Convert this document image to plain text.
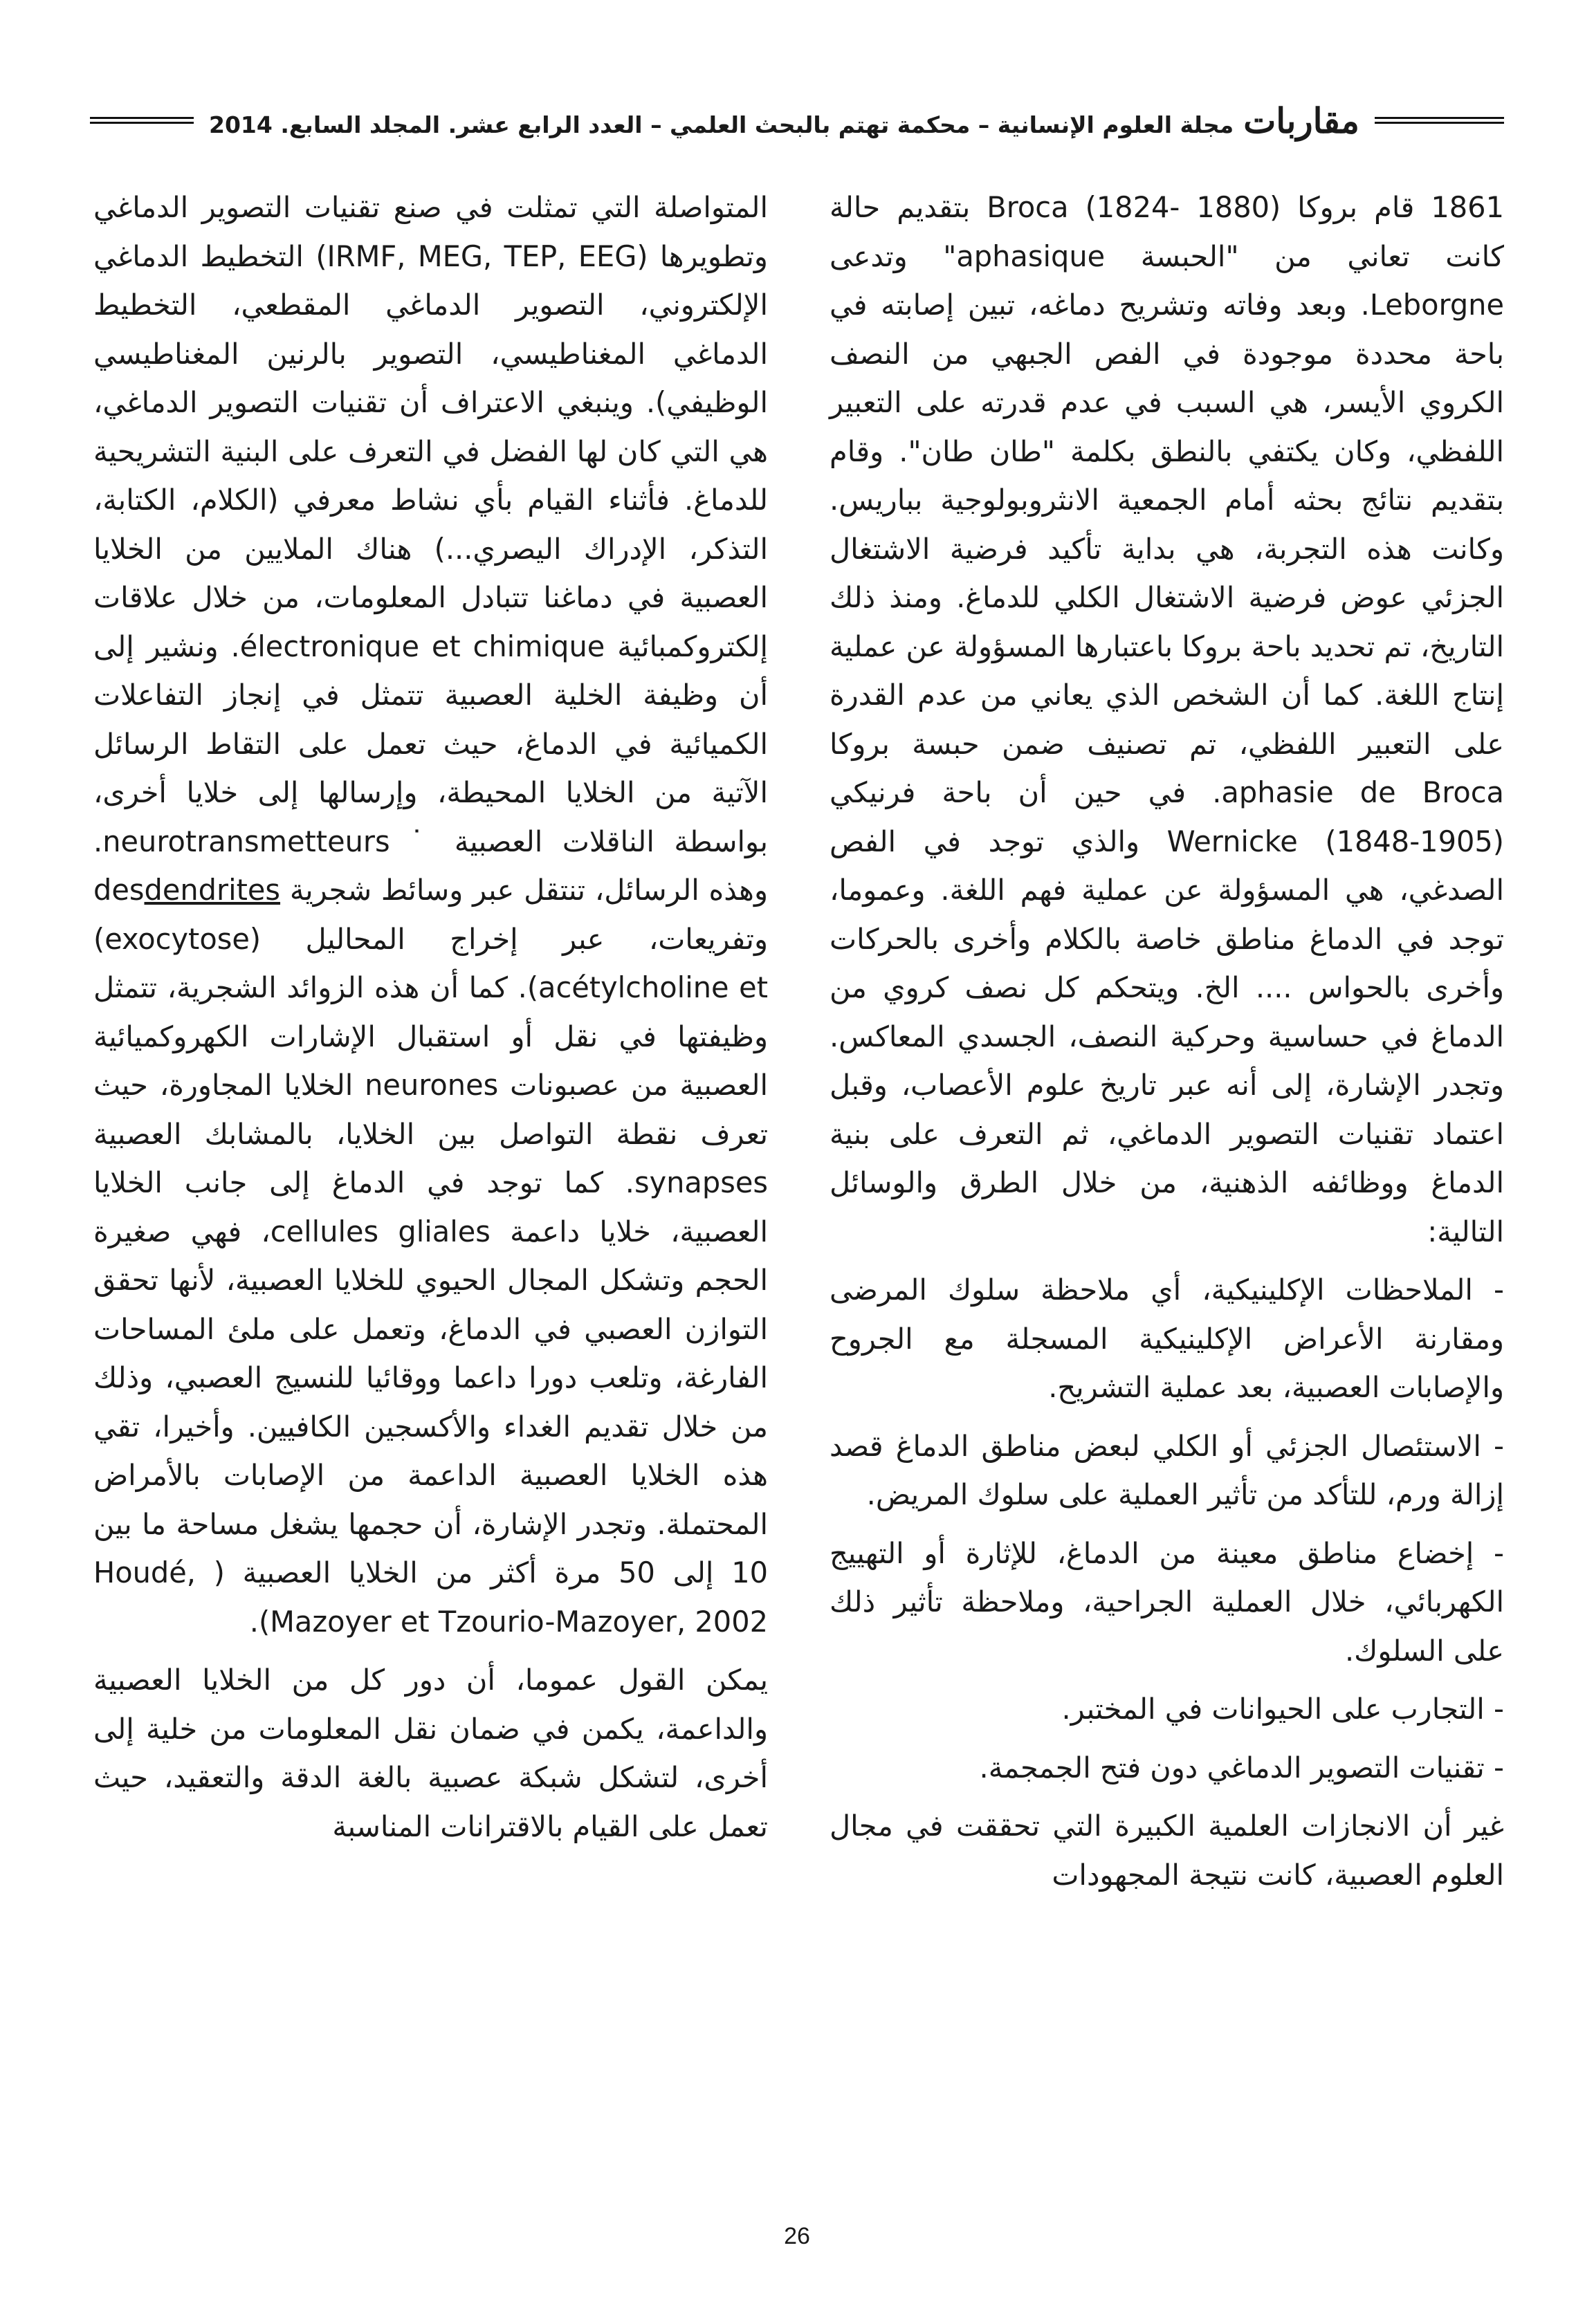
مقاربات
مجلة العلوم الإنسانية – محكمة تهتم بالبحث العلمي – العدد الرابع عشر. المجلد السابع. 2014

1861 قام بروكا Broca (1824- 1880) بتقديم حالة كانت تعاني من "الحبسة aphasique" وتدعى Leborgne. وبعد وفاته وتشريح دماغه، تبين إصابته في باحة محددة موجودة في الفص الجبهي من النصف الكروي الأيسر، هي السبب في عدم قدرته على التعبير اللفظي، وكان يكتفي بالنطق بكلمة "طان طان". وقام بتقديم نتائج بحثه أمام الجمعية الانثروبولوجية بباريس. وكانت هذه التجربة، هي بداية تأكيد فرضية الاشتغال الجزئي عوض فرضية الاشتغال الكلي للدماغ. ومنذ ذلك التاريخ، تم تحديد باحة بروكا باعتبارها المسؤولة عن عملية إنتاج اللغة. كما أن الشخص الذي يعاني من عدم القدرة على التعبير اللفظي، تم تصنيف ضمن حبسة بروكا aphasie de Broca. في حين أن باحة فرنيكي Wernicke (1848-1905) والذي توجد في الفص الصدغي، هي المسؤولة عن عملية فهم اللغة. وعموما، توجد في الدماغ مناطق خاصة بالكلام وأخرى بالحركات وأخرى بالحواس .... الخ. ويتحكم كل نصف كروي من الدماغ في حساسية وحركية النصف، الجسدي المعاكس. وتجدر الإشارة، إلى أنه عبر تاريخ علوم الأعصاب، وقبل اعتماد تقنيات التصوير الدماغي، ثم التعرف على بنية الدماغ ووظائفه الذهنية، من خلال الطرق والوسائل التالية:

- الملاحظات الإكلينيكية، أي ملاحظة سلوك المرضى ومقارنة الأعراض الإكلينيكية المسجلة مع الجروح والإصابات العصبية، بعد عملية التشريح.
- الاستئصال الجزئي أو الكلي لبعض مناطق الدماغ قصد إزالة ورم، للتأكد من تأثير العملية على سلوك المريض.
- إخضاع مناطق معينة من الدماغ، للإثارة أو التهييج الكهربائي، خلال العملية الجراحية، وملاحظة تأثير ذلك على السلوك.
- التجارب على الحيوانات في المختبر.
- تقنيات التصوير الدماغي دون فتح الجمجمة.

غير أن الانجازات العلمية الكبيرة التي تحققت في مجال العلوم العصبية، كانت نتيجة المجهودات

المتواصلة التي تمثلت في صنع تقنيات التصوير الدماغي وتطويرها (IRMF, MEG, TEP, EEG) التخطيط الدماغي الإلكتروني، التصوير الدماغي المقطعي، التخطيط الدماغي المغناطيسي، التصوير بالرنين المغناطيسي الوظيفي). وينبغي الاعتراف أن تقنيات التصوير الدماغي، هي التي كان لها الفضل في التعرف على البنية التشريحية للدماغ. فأثناء القيام بأي نشاط معرفي (الكلام، الكتابة، التذكر، الإدراك اليصري...) هناك الملايين من الخلايا العصبية في دماغنا تتبادل المعلومات، من خلال علاقات إلكتروكمبائية électronique et chimique. ونشير إلى أن وظيفة الخلية العصبية تتمثل في إنجاز التفاعلات الكميائية في الدماغ، حيث تعمل على التقاط الرسائل الآتية من الخلايا المحيطة، وإرسالها إلى خلايا أخرى، بواسطة الناقلات العصبية ˙ neurotransmetteurs. وهذه الرسائل، تنتقل عبر وسائط شجرية dendritesdes وتفريعات، عبر إخراج المحاليل (exocytose) acétylcholine et). كما أن هذه الزوائد الشجرية، تتمثل وظيفتها في نقل أو استقبال الإشارات الكهروكميائية العصبية من عصبونات neurones الخلايا المجاورة، حيث تعرف نقطة التواصل بين الخلايا، بالمشابك العصبية synapses. كما توجد في الدماغ إلى جانب الخلايا العصبية، خلايا داعمة cellules gliales، فهي صغيرة الحجم وتشكل المجال الحيوي للخلايا العصبية، لأنها تحقق التوازن العصبي في الدماغ، وتعمل على ملئ المساحات الفارغة، وتلعب دورا داعما ووقائيا للنسيج العصبي، وذلك من خلال تقديم الغداء والأكسجين الكافيين. وأخيرا، تقي هذه الخلايا العصبية الداعمة من الإصابات بالأمراض المحتملة. وتجدر الإشارة، أن حجمها يشغل مساحة ما بين 10 إلى 50 مرة أكثر من الخلايا العصبية ( Houdé, (Mazoyer et Tzourio-Mazoyer, 2002.

يمكن القول عموما، أن دور كل من الخلايا العصبية والداعمة، يكمن في ضمان نقل المعلومات من خلية إلى أخرى، لتشكل شبكة عصبية بالغة الدقة والتعقيد، حيث تعمل على القيام بالاقترانات المناسبة

26
